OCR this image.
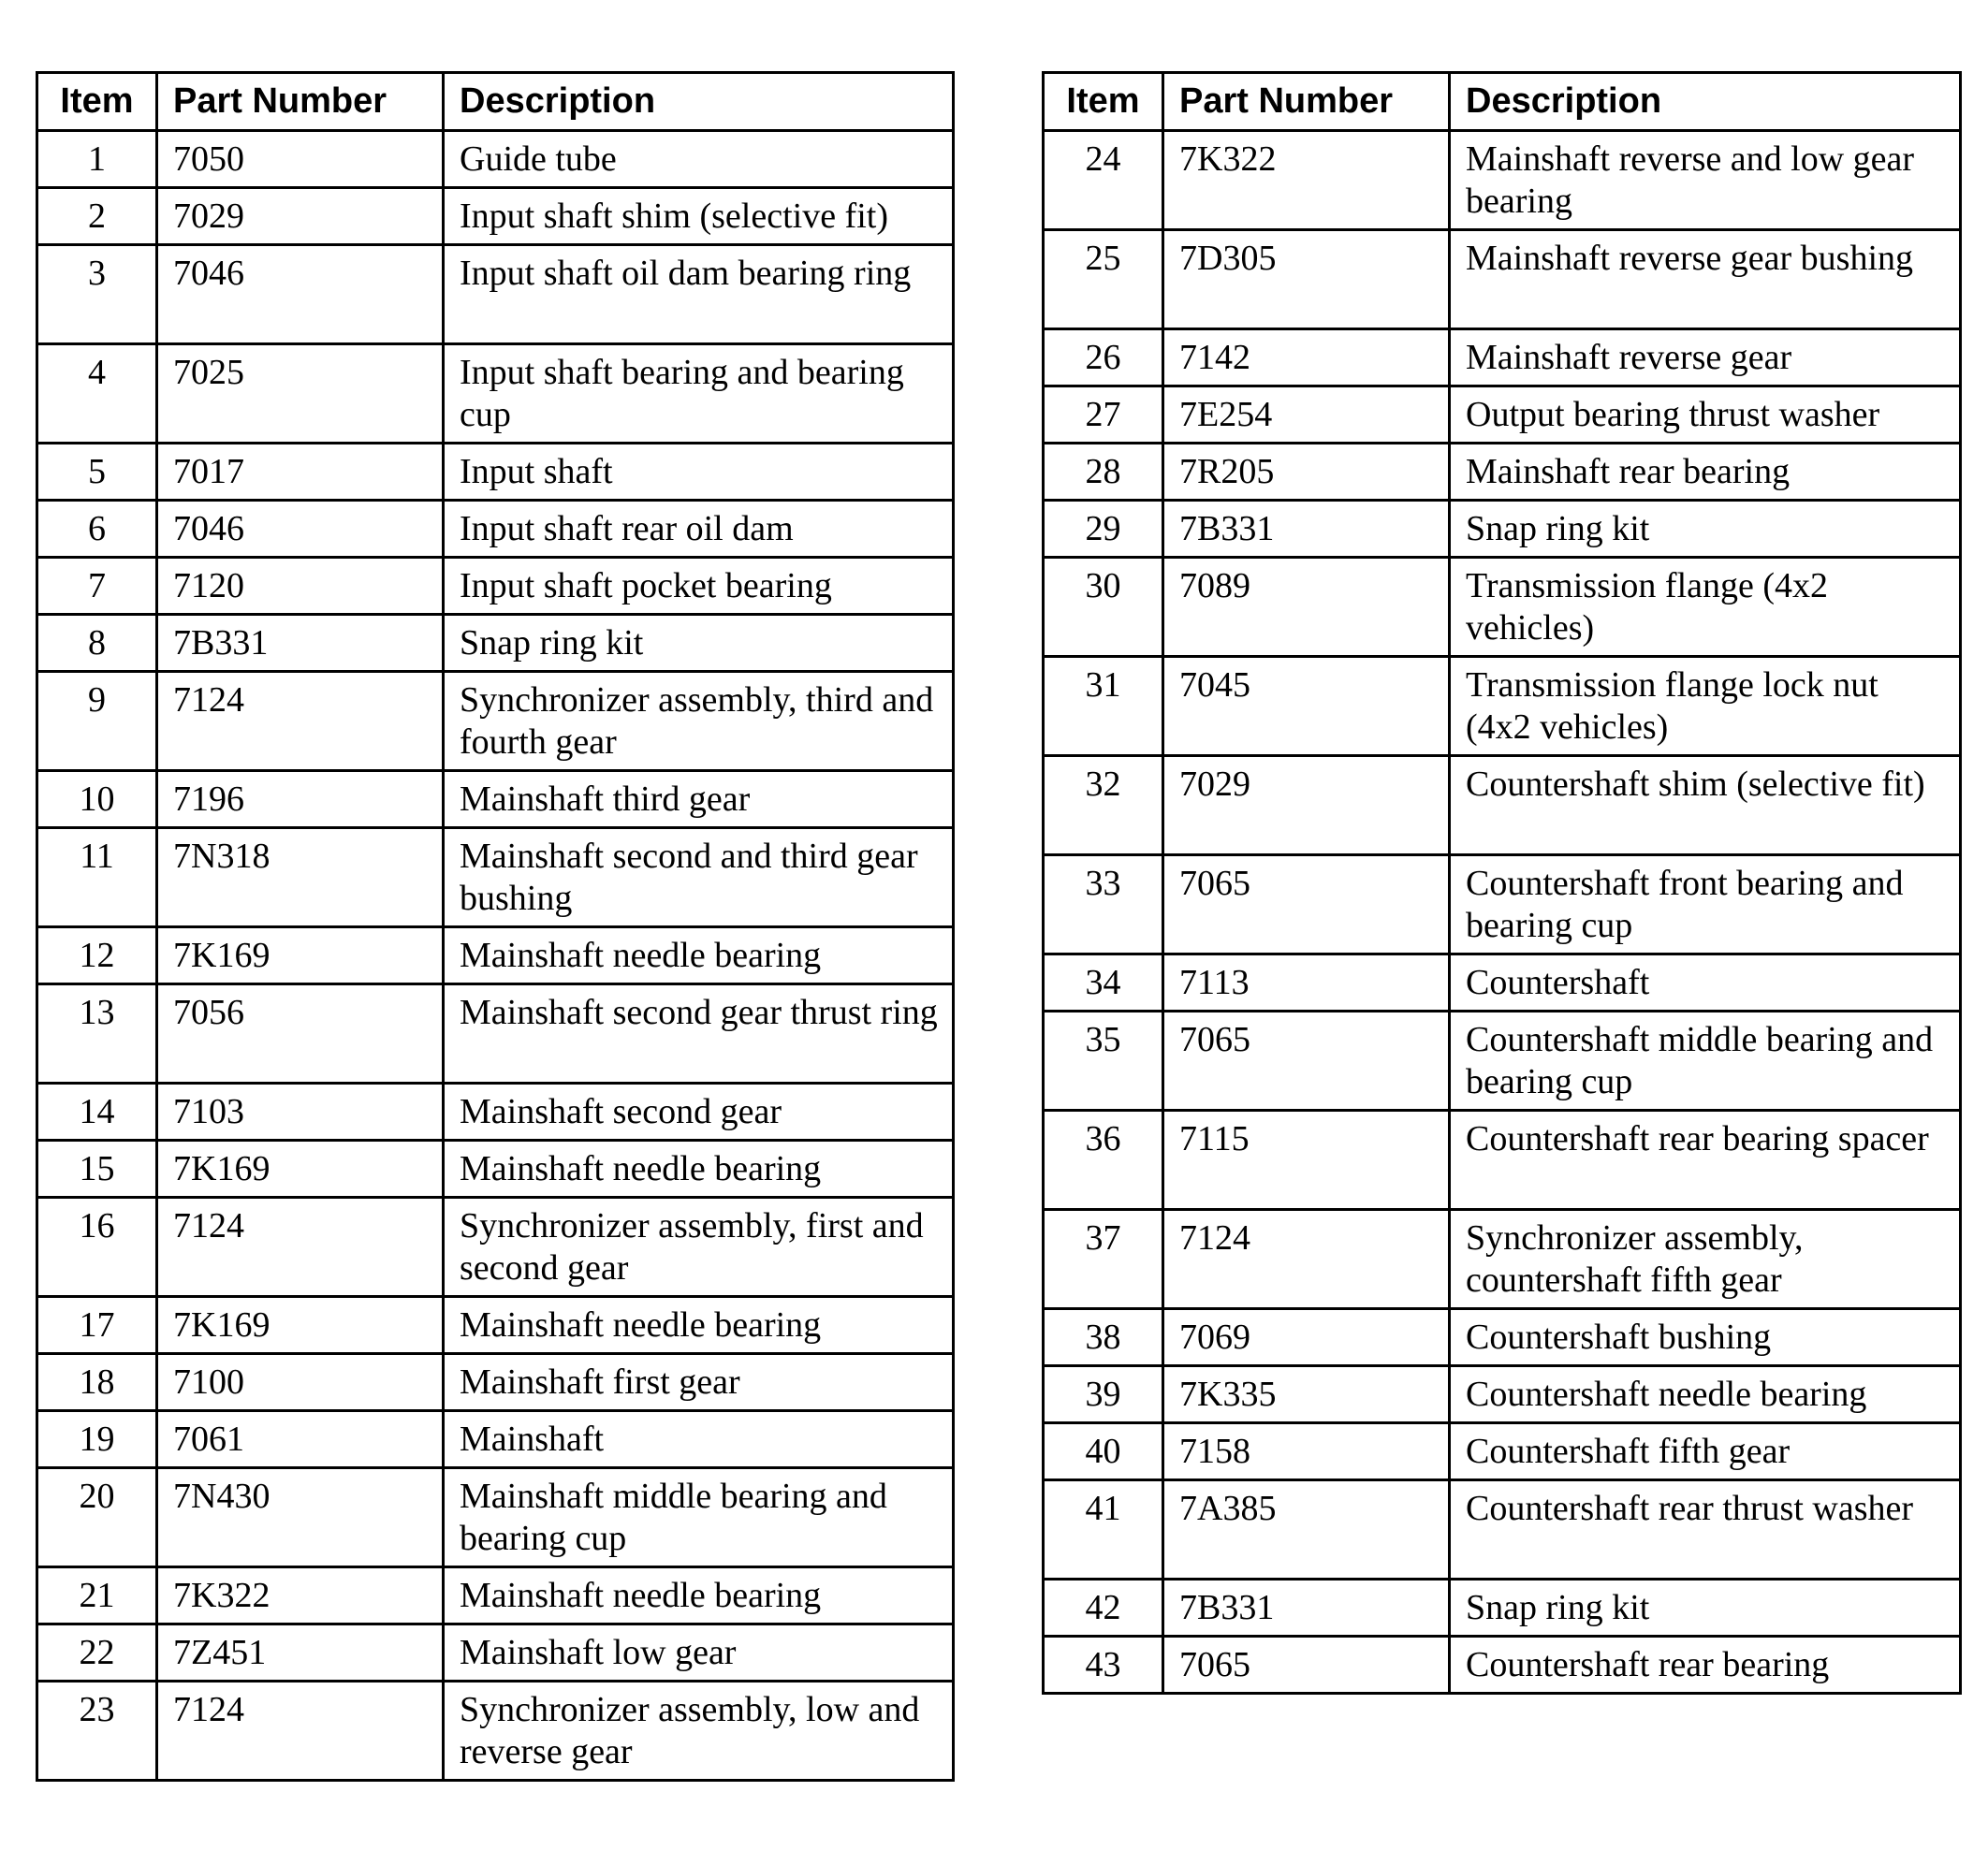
Item	Part Number	Description
1	7050	Guide tube
2	7029	Input shaft shim (selective fit)
3	7046	Input shaft oil dam bearing ring
4	7025	Input shaft bearing and bearing cup
5	7017	Input shaft
6	7046	Input shaft rear oil dam
7	7120	Input shaft pocket bearing
8	7B331	Snap ring kit
9	7124	Synchronizer assembly, third and fourth gear
10	7196	Mainshaft third gear
11	7N318	Mainshaft second and third gear bushing
12	7K169	Mainshaft needle bearing
13	7056	Mainshaft second gear thrust ring
14	7103	Mainshaft second gear
15	7K169	Mainshaft needle bearing
16	7124	Synchronizer assembly, first and second gear
17	7K169	Mainshaft needle bearing
18	7100	Mainshaft first gear
19	7061	Mainshaft
20	7N430	Mainshaft middle bearing and bearing cup
21	7K322	Mainshaft needle bearing
22	7Z451	Mainshaft low gear
23	7124	Synchronizer assembly, low and reverse gear
Item	Part Number	Description
24	7K322	Mainshaft reverse and low gear bearing
25	7D305	Mainshaft reverse gear bushing
26	7142	Mainshaft reverse gear
27	7E254	Output bearing thrust washer
28	7R205	Mainshaft rear bearing
29	7B331	Snap ring kit
30	7089	Transmission flange (4x2 vehicles)
31	7045	Transmission flange lock nut (4x2 vehicles)
32	7029	Countershaft shim (selective fit)
33	7065	Countershaft front bearing and bearing cup
34	7113	Countershaft
35	7065	Countershaft middle bearing and bearing cup
36	7115	Countershaft rear bearing spacer
37	7124	Synchronizer assembly, countershaft fifth gear
38	7069	Countershaft bushing
39	7K335	Countershaft needle bearing
40	7158	Countershaft fifth gear
41	7A385	Countershaft rear thrust washer
42	7B331	Snap ring kit
43	7065	Countershaft rear bearing
